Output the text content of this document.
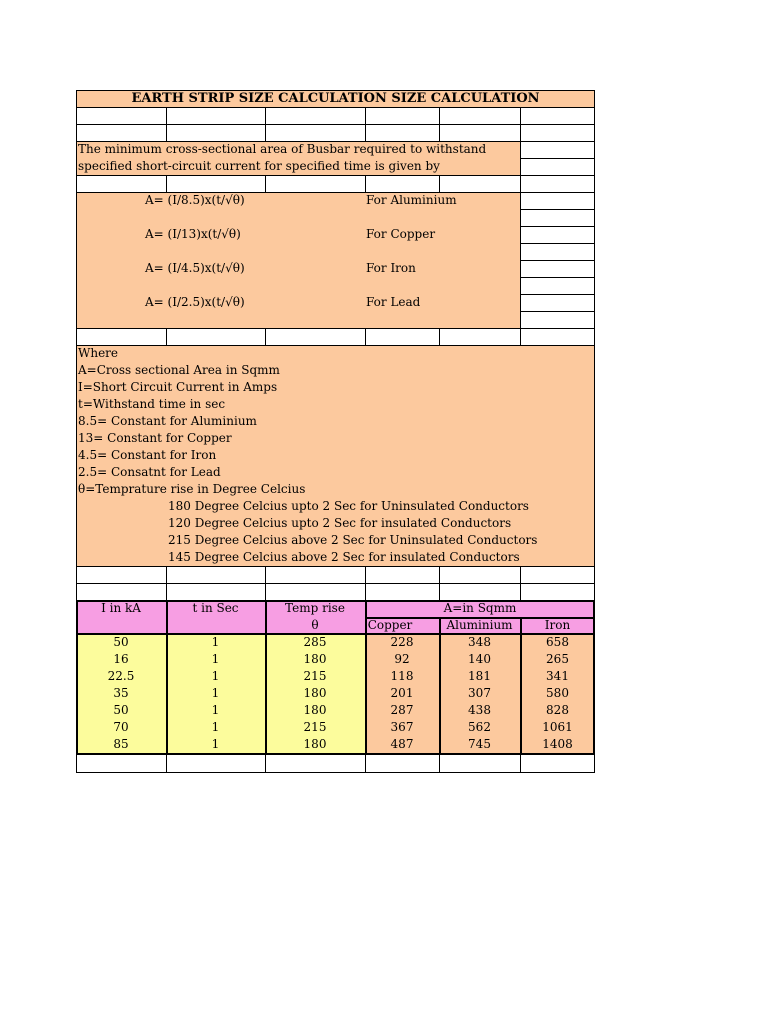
EARTH STRIP SIZE CALCULATION SIZE CALCULATION
The minimum cross-sectional area of Busbar required to withstand
specified short-circuit current for specified time is given by
A= (I/8.5)x(t/√θ)	For Aluminium
A= (I/13)x(t/√θ)	For Copper
A= (I/4.5)x(t/√θ)	For Iron
A= (I/2.5)x(t/√θ)	For Lead
Where
A=Cross sectional Area in Sqmm
I=Short Circuit Current in Amps
t=Withstand time in sec
8.5= Constant for Aluminium
13= Constant for Copper
4.5= Constant for Iron
2.5= Consatnt for Lead
θ=Temprature rise in Degree Celcius
180 Degree Celcius upto 2 Sec for Uninsulated Conductors
120 Degree Celcius upto 2 Sec for insulated Conductors
215 Degree Celcius above 2 Sec for Uninsulated Conductors
145 Degree Celcius above 2 Sec for insulated Conductors
I in kA	t in Sec	Temp rise
θ
A=in Sqmm
Copper	Aluminium	Iron
50	1	285	228	348	658
16	1	180	92	140	265
22.5	1	215	118	181	341
35	1	180	201	307	580
50	1	180	287	438	828
70	1	215	367	562	1061
85	1	180	487	745	1408
